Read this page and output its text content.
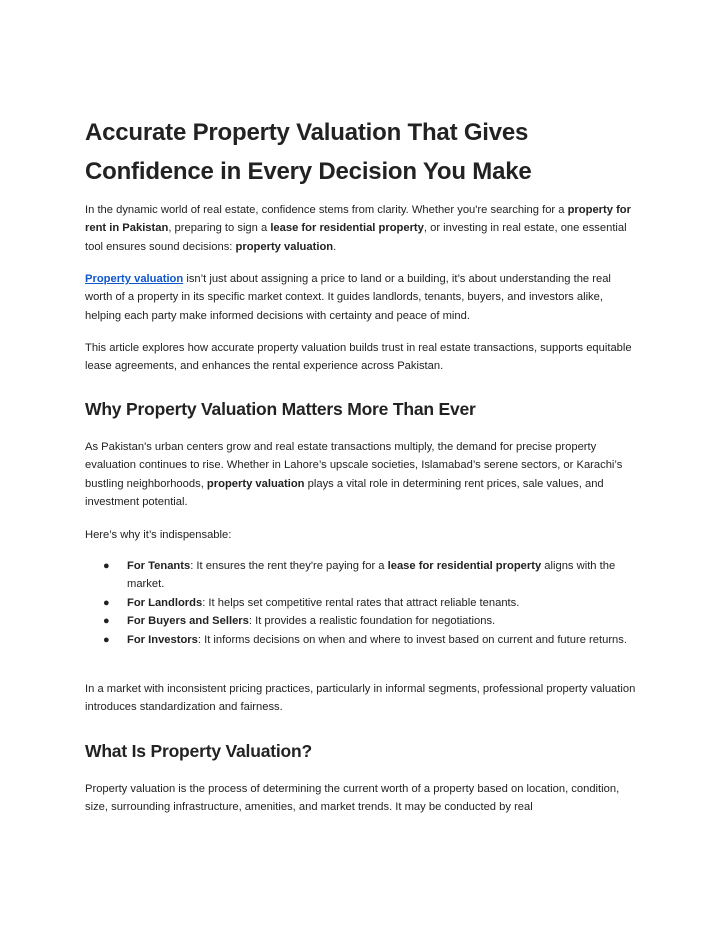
Accurate Property Valuation That Gives Confidence in Every Decision You Make

In the dynamic world of real estate, confidence stems from clarity. Whether you're searching for a property for rent in Pakistan, preparing to sign a lease for residential property, or investing in real estate, one essential tool ensures sound decisions: property valuation.

Property valuation isn’t just about assigning a price to land or a building, it’s about understanding the real worth of a property in its specific market context. It guides landlords, tenants, buyers, and investors alike, helping each party make informed decisions with certainty and peace of mind.

This article explores how accurate property valuation builds trust in real estate transactions, supports equitable lease agreements, and enhances the rental experience across Pakistan.

Why Property Valuation Matters More Than Ever

As Pakistan's urban centers grow and real estate transactions multiply, the demand for precise property evaluation continues to rise. Whether in Lahore’s upscale societies, Islamabad’s serene sectors, or Karachi’s bustling neighborhoods, property valuation plays a vital role in determining rent prices, sale values, and investment potential.

Here’s why it’s indispensable:

● For Tenants: It ensures the rent they're paying for a lease for residential property aligns with the market.
● For Landlords: It helps set competitive rental rates that attract reliable tenants.
● For Buyers and Sellers: It provides a realistic foundation for negotiations.
● For Investors: It informs decisions on when and where to invest based on current and future returns.

In a market with inconsistent pricing practices, particularly in informal segments, professional property valuation introduces standardization and fairness.

What Is Property Valuation?

Property valuation is the process of determining the current worth of a property based on location, condition, size, surrounding infrastructure, amenities, and market trends. It may be conducted by real
